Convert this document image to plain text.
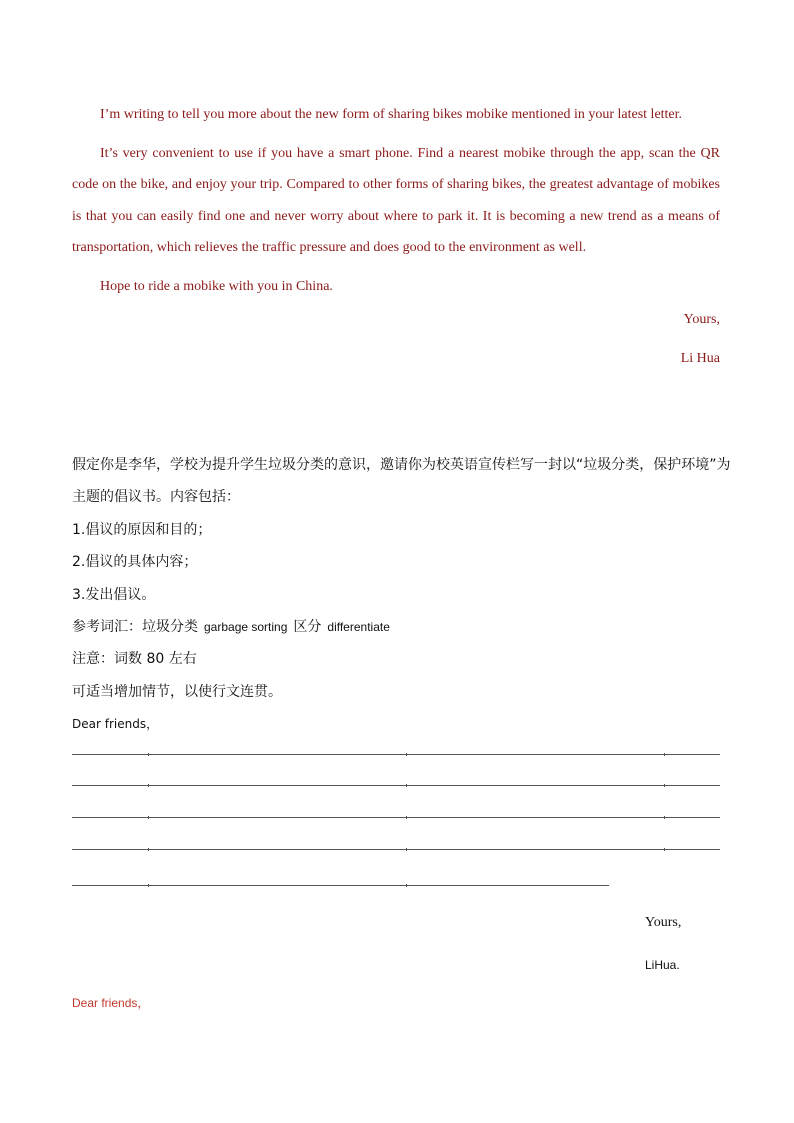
I’m writing to tell you more about the new form of sharing bikes mobike mentioned in your latest letter.

It’s very convenient to use if you have a smart phone. Find a nearest mobike through the app, scan the QR code on the bike, and enjoy your trip. Compared to other forms of sharing bikes, the greatest advantage of mobikes is that you can easily find one and never worry about where to park it. It is becoming a new trend as a means of transportation, which relieves the traffic pressure and does good to the environment as well.

Hope to ride a mobike with you in China.

Yours,
Li Hua
假定你是李华，学校为提升学生垃圾分类的意识，邀请你为校英语宣传栏写一封以“垃圾分类，保护环境”为
主题的倡议书。内容包括：
1.倡议的原因和目的；
2.倡议的具体内容；
3.发出倡议。
参考词汇：垃圾分类 garbage sorting 区分 differentiate
注意：词数 80 左右
可适当增加情节，以使行文连贯。
Dear friends，
Yours,
LiHua.
Dear friends，
